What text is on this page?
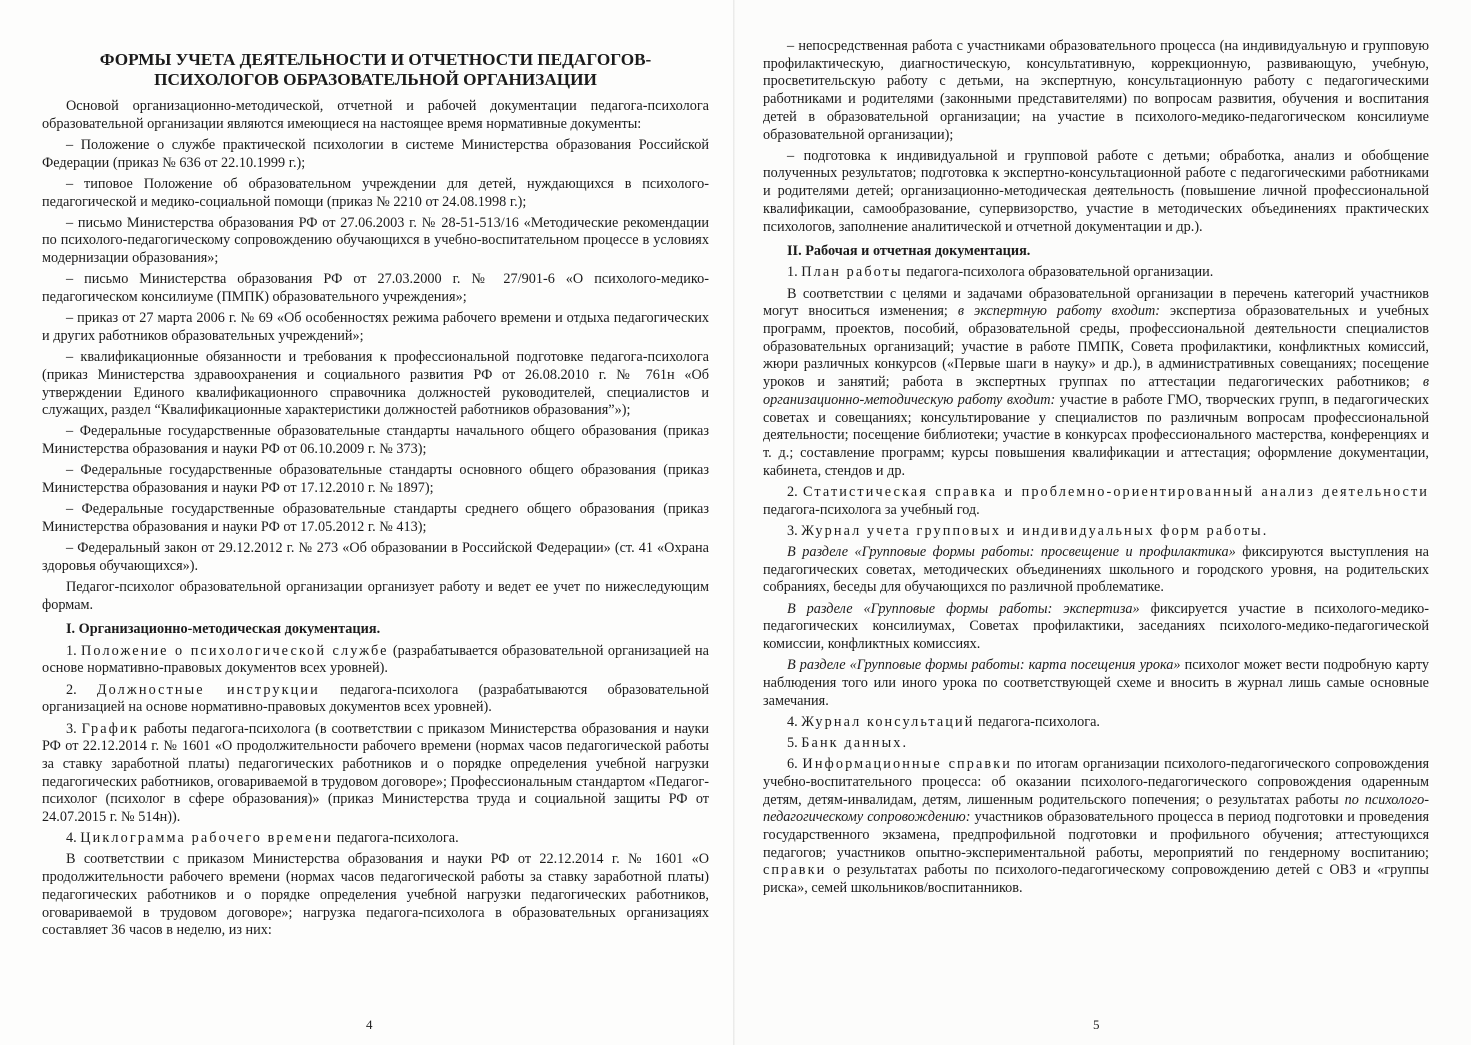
ФОРМЫ УЧЕТА ДЕЯТЕЛЬНОСТИ И ОТЧЕТНОСТИ ПЕДАГОГОВ-ПСИХОЛОГОВ ОБРАЗОВАТЕЛЬНОЙ ОРГАНИЗАЦИИ

Основой организационно-методической, отчетной и рабочей документации педагога-психолога образовательной организации являются имеющиеся на настоящее время нормативные документы:

– Положение о службе практической психологии в системе Министерства образования Российской Федерации (приказ № 636 от 22.10.1999 г.);

– типовое Положение об образовательном учреждении для детей, нуждающихся в психолого-педагогической и медико-социальной помощи (приказ № 2210 от 24.08.1998 г.);

– письмо Министерства образования РФ от 27.06.2003 г. № 28-51-513/16 «Методические рекомендации по психолого-педагогическому сопровождению обучающихся в учебно-воспитательном процессе в условиях модернизации образования»;

– письмо Министерства образования РФ от 27.03.2000 г. № 27/901-6 «О психолого-медико-педагогическом консилиуме (ПМПК) образовательного учреждения»;

– приказ от 27 марта 2006 г. № 69 «Об особенностях режима рабочего времени и отдыха педагогических и других работников образовательных учреждений»;

– квалификационные обязанности и требования к профессиональной подготовке педагога-психолога (приказ Министерства здравоохранения и социального развития РФ от 26.08.2010 г. № 761н «Об утверждении Единого квалификационного справочника должностей руководителей, специалистов и служащих, раздел “Квалификационные характеристики должностей работников образования”»);

– Федеральные государственные образовательные стандарты начального общего образования (приказ Министерства образования и науки РФ от 06.10.2009 г. № 373);

– Федеральные государственные образовательные стандарты основного общего образования (приказ Министерства образования и науки РФ от 17.12.2010 г. № 1897);

– Федеральные государственные образовательные стандарты среднего общего образования (приказ Министерства образования и науки РФ от 17.05.2012 г. № 413);

– Федеральный закон от 29.12.2012 г. № 273 «Об образовании в Российской Федерации» (ст. 41 «Охрана здоровья обучающихся»).

Педагог-психолог образовательной организации организует работу и ведет ее учет по нижеследующим формам.

I. Организационно-методическая документация.

1. Положение о психологической службе (разрабатывается образовательной организацией на основе нормативно-правовых документов всех уровней).

2. Должностные инструкции педагога-психолога (разрабатываются образовательной организацией на основе нормативно-правовых документов всех уровней).

3. График работы педагога-психолога (в соответствии с приказом Министерства образования и науки РФ от 22.12.2014 г. № 1601 «О продолжительности рабочего времени (нормах часов педагогической работы за ставку заработной платы) педагогических работников и о порядке определения учебной нагрузки педагогических работников, оговариваемой в трудовом договоре»; Профессиональным стандартом «Педагог-психолог (психолог в сфере образования)» (приказ Министерства труда и социальной защиты РФ от 24.07.2015 г. № 514н)).

4. Циклограмма рабочего времени педагога-психолога.

В соответствии с приказом Министерства образования и науки РФ от 22.12.2014 г. № 1601 «О продолжительности рабочего времени (нормах часов педагогической работы за ставку заработной платы) педагогических работников и о порядке определения учебной нагрузки педагогических работников, оговариваемой в трудовом договоре»; нагрузка педагога-психолога в образовательных организациях составляет 36 часов в неделю, из них:

4

– непосредственная работа с участниками образовательного процесса (на индивидуальную и групповую профилактическую, диагностическую, консультативную, коррекционную, развивающую, учебную, просветительскую работу с детьми, на экспертную, консультационную работу с педагогическими работниками и родителями (законными представителями) по вопросам развития, обучения и воспитания детей в образовательной организации; на участие в психолого-медико-педагогическом консилиуме образовательной организации);

– подготовка к индивидуальной и групповой работе с детьми; обработка, анализ и обобщение полученных результатов; подготовка к экспертно-консультационной работе с педагогическими работниками и родителями детей; организационно-методическая деятельность (повышение личной профессиональной квалификации, самообразование, супервизорство, участие в методических объединениях практических психологов, заполнение аналитической и отчетной документации и др.).

II. Рабочая и отчетная документация.

1. План работы педагога-психолога образовательной организации.

В соответствии с целями и задачами образовательной организации в перечень категорий участников могут вноситься изменения; в экспертную работу входит: экспертиза образовательных и учебных программ, проектов, пособий, образовательной среды, профессиональной деятельности специалистов образовательных организаций; участие в работе ПМПК, Совета профилактики, конфликтных комиссий, жюри различных конкурсов («Первые шаги в науку» и др.), в административных совещаниях; посещение уроков и занятий; работа в экспертных группах по аттестации педагогических работников; в организационно-методическую работу входит: участие в работе ГМО, творческих групп, в педагогических советах и совещаниях; консультирование у специалистов по различным вопросам профессиональной деятельности; посещение библиотеки; участие в конкурсах профессионального мастерства, конференциях и т. д.; составление программ; курсы повышения квалификации и аттестация; оформление документации, кабинета, стендов и др.

2. Статистическая справка и проблемно-ориентированный анализ деятельности педагога-психолога за учебный год.

3. Журнал учета групповых и индивидуальных форм работы.

В разделе «Групповые формы работы: просвещение и профилактика» фиксируются выступления на педагогических советах, методических объединениях школьного и городского уровня, на родительских собраниях, беседы для обучающихся по различной проблематике.

В разделе «Групповые формы работы: экспертиза» фиксируется участие в психолого-медико-педагогических консилиумах, Советах профилактики, заседаниях психолого-медико-педагогической комиссии, конфликтных комиссиях.

В разделе «Групповые формы работы: карта посещения урока» психолог может вести подробную карту наблюдения того или иного урока по соответствующей схеме и вносить в журнал лишь самые основные замечания.

4. Журнал консультаций педагога-психолога.

5. Банк данных.

6. Информационные справки по итогам организации психолого-педагогического сопровождения учебно-воспитательного процесса: об оказании психолого-педагогического сопровождения одаренным детям, детям-инвалидам, детям, лишенным родительского попечения; о результатах работы по психолого-педагогическому сопровождению: участников образовательного процесса в период подготовки и проведения государственного экзамена, предпрофильной подготовки и профильного обучения; аттестующихся педагогов; участников опытно-экспериментальной работы, мероприятий по гендерному воспитанию; справки о результатах работы по психолого-педагогическому сопровождению детей с ОВЗ и «группы риска», семей школьников/воспитанников.

5
